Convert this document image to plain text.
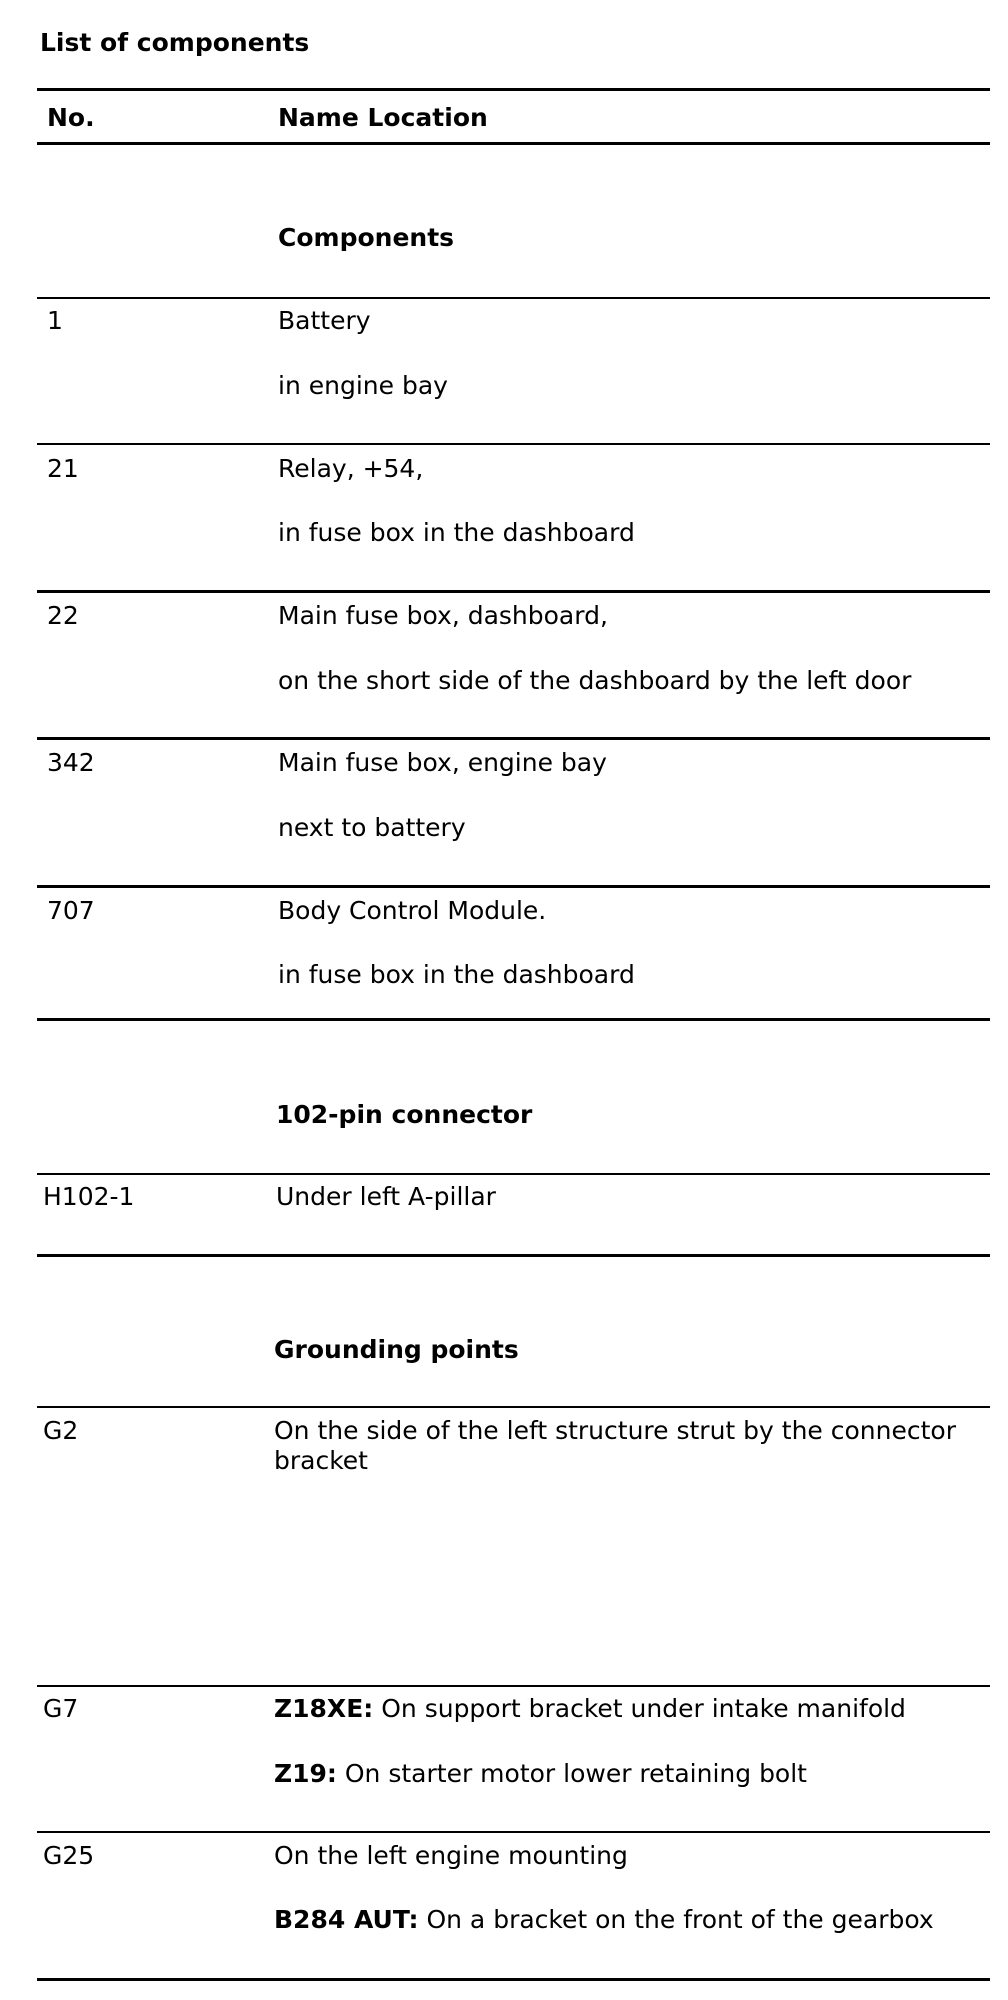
List of components
No.	Name Location
Components
1	Battery
in engine bay
21	Relay, +54,
in fuse box in the dashboard
22	Main fuse box, dashboard,
on the short side of the dashboard by the left door
342	Main fuse box, engine bay
next to battery
707	Body Control Module.
in fuse box in the dashboard
102-pin connector
H102-1	Under left A-pillar
Grounding points
G2	On the side of the left structure strut by the connector bracket
G7	Z18XE: On support bracket under intake manifold
Z19: On starter motor lower retaining bolt
G25	On the left engine mounting
B284 AUT: On a bracket on the front of the gearbox
